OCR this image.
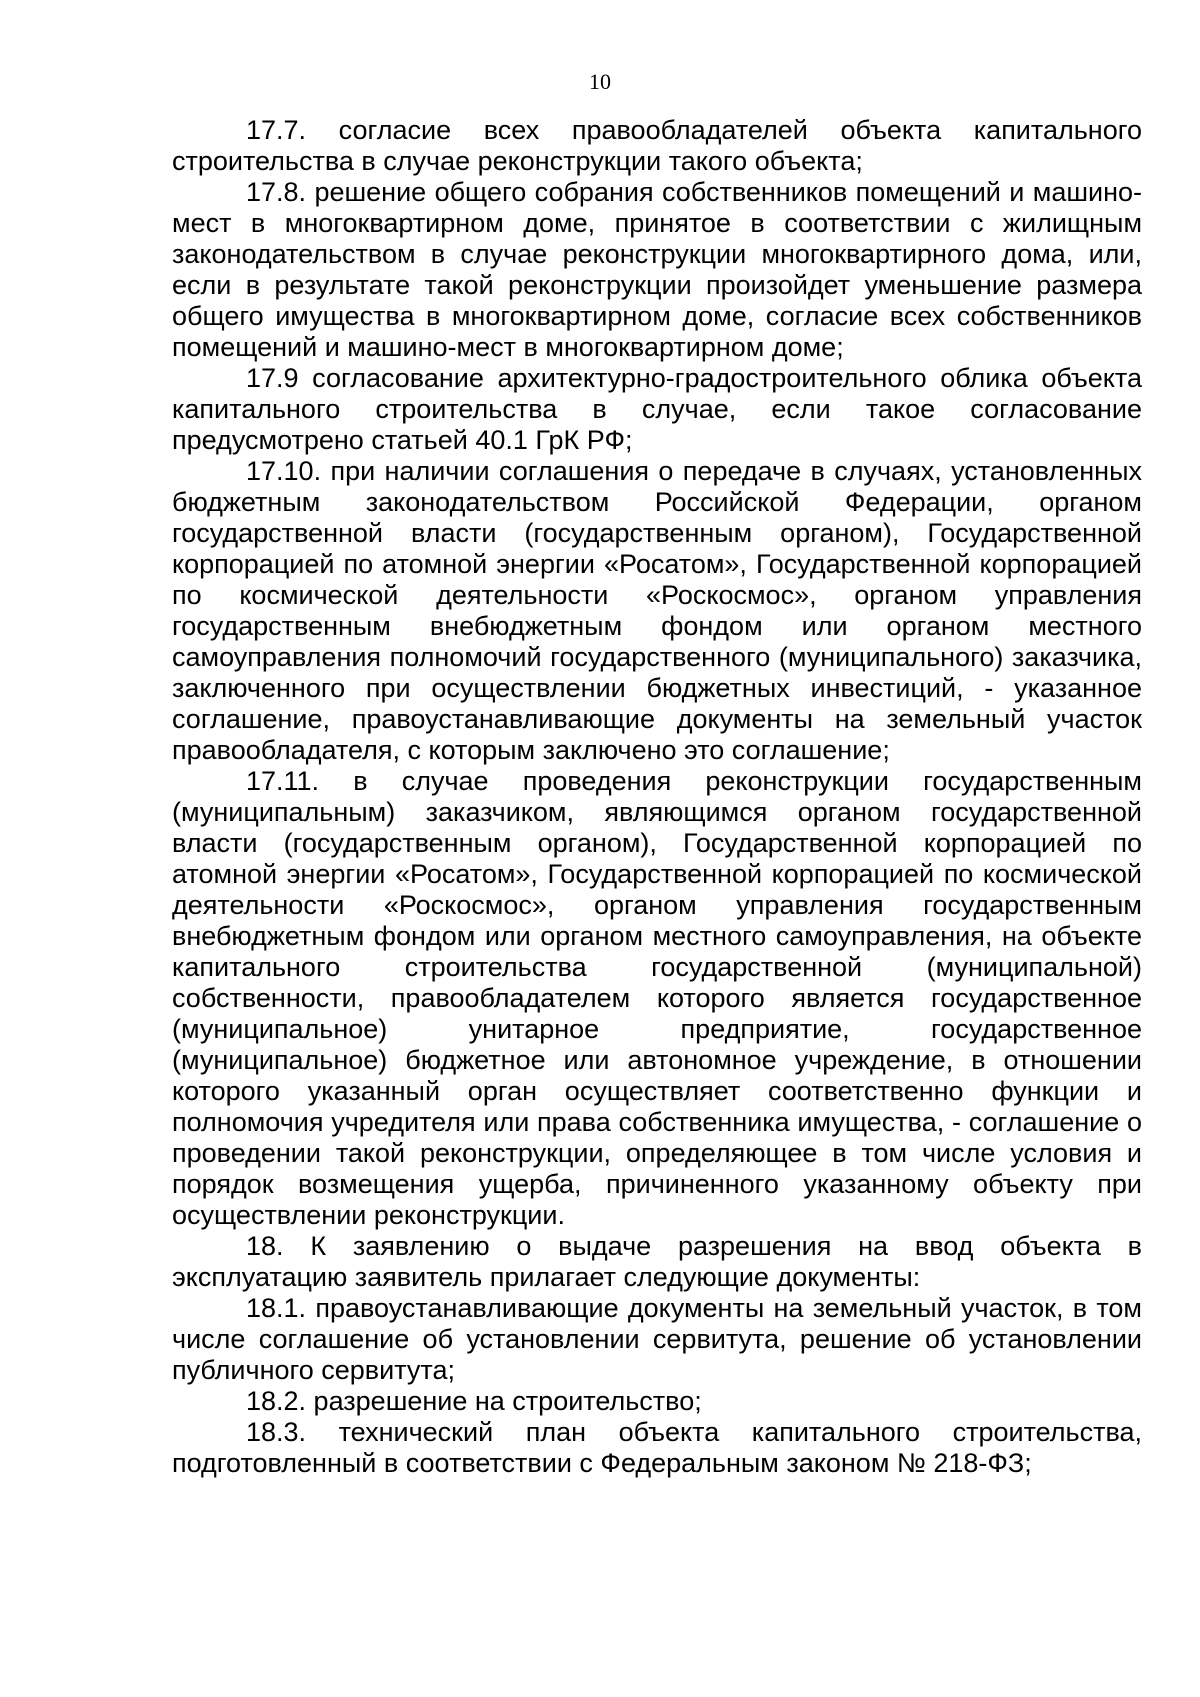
10

17.7. согласие всех правообладателей объекта капитального строительства в случае реконструкции такого объекта;

17.8. решение общего собрания собственников помещений и машино-мест в многоквартирном доме, принятое в соответствии с жилищным законодательством в случае реконструкции многоквартирного дома, или, если в результате такой реконструкции произойдет уменьшение размера общего имущества в многоквартирном доме, согласие всех собственников помещений и машино-мест в многоквартирном доме;

17.9 согласование архитектурно-градостроительного облика объекта капитального строительства в случае, если такое согласование предусмотрено статьей 40.1 ГрК РФ;

17.10. при наличии соглашения о передаче в случаях, установленных бюджетным законодательством Российской Федерации, органом государственной власти (государственным органом), Государственной корпорацией по атомной энергии «Росатом», Государственной корпорацией по космической деятельности «Роскосмос», органом управления государственным внебюджетным фондом или органом местного самоуправления полномочий государственного (муниципального) заказчика, заключенного при осуществлении бюджетных инвестиций, - указанное соглашение, правоустанавливающие документы на земельный участок правообладателя, с которым заключено это соглашение;

17.11. в случае проведения реконструкции государственным (муниципальным) заказчиком, являющимся органом государственной власти (государственным органом), Государственной корпорацией по атомной энергии «Росатом», Государственной корпорацией по космической деятельности «Роскосмос», органом управления государственным внебюджетным фондом или органом местного самоуправления, на объекте капитального строительства государственной (муниципальной) собственности, правообладателем которого является государственное (муниципальное) унитарное предприятие, государственное (муниципальное) бюджетное или автономное учреждение, в отношении которого указанный орган осуществляет соответственно функции и полномочия учредителя или права собственника имущества, - соглашение о проведении такой реконструкции, определяющее в том числе условия и порядок возмещения ущерба, причиненного указанному объекту при осуществлении реконструкции.

18. К заявлению о выдаче разрешения на ввод объекта в эксплуатацию заявитель прилагает следующие документы:

18.1. правоустанавливающие документы на земельный участок, в том числе соглашение об установлении сервитута, решение об установлении публичного сервитута;

18.2. разрешение на строительство;

18.3. технический план объекта капитального строительства, подготовленный в соответствии с Федеральным законом № 218-ФЗ;
